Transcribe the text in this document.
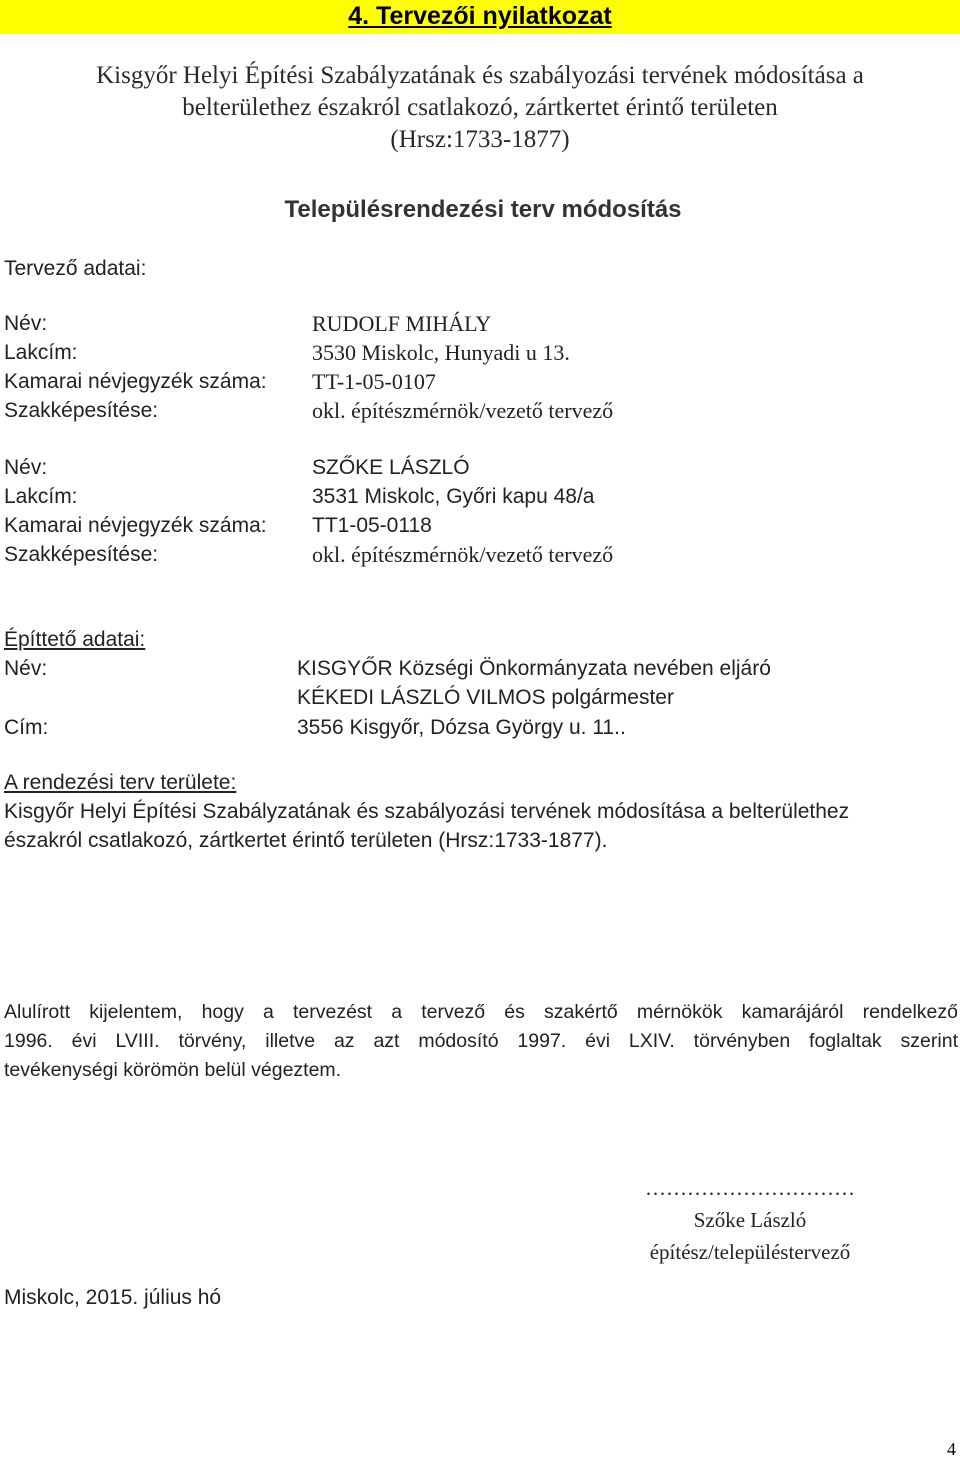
4. Tervezői nyilatkozat
Kisgyőr Helyi Építési Szabályzatának és szabályozási tervének módosítása a
belterülethez északról csatlakozó, zártkertet érintő területen
(Hrsz:1733-1877)
Településrendezési terv módosítás
Tervező adatai:
Név:	RUDOLF MIHÁLY
Lakcím:	3530 Miskolc, Hunyadi u 13.
Kamarai névjegyzék száma: TT-1-05-0107
Szakképesítése:	okl. építészmérnök/vezető tervező
Név:	SZŐKE LÁSZLÓ
Lakcím:	3531 Miskolc, Győri kapu 48/a
Kamarai névjegyzék száma: TT1-05-0118
Szakképesítése:	okl. építészmérnök/vezető tervező
Építtető adatai:
Név:	KISGYŐR Községi Önkormányzata nevében eljáró
KÉKEDI LÁSZLÓ VILMOS polgármester
Cím:	3556 Kisgyőr, Dózsa György u. 11..
A rendezési terv területe:
Kisgyőr Helyi Építési Szabályzatának és szabályozási tervének módosítása a belterülethez
északról csatlakozó, zártkertet érintő területen (Hrsz:1733-1877).
Alulírott kijelentem, hogy a tervezést a tervező és szakértő mérnökök kamarájáról rendelkező
1996. évi LVIII. törvény, illetve az azt módosító 1997. évi LXIV. törvényben foglaltak szerint
tevékenységi körömön belül végeztem.
…………………………
Szőke László
építész/településtervező
Miskolc, 2015. július hó
4
